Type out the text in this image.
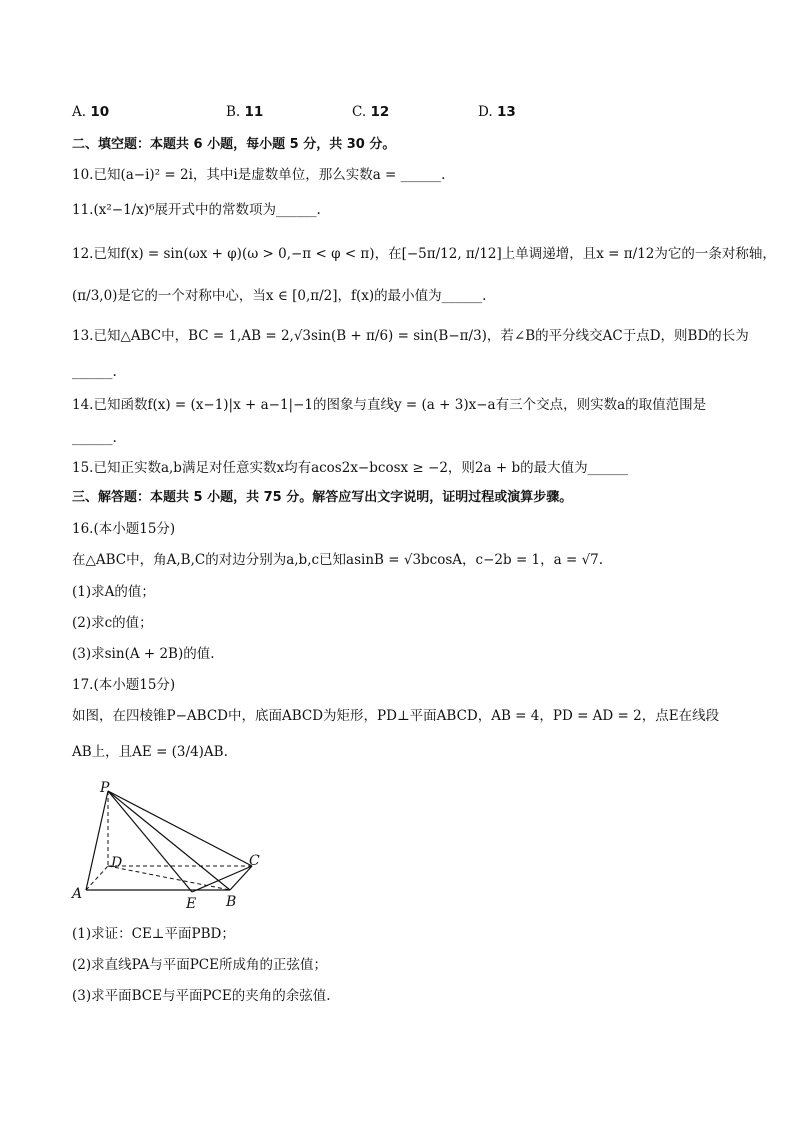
A. 10	B. 11	C. 12	D. 13
二、填空题：本题共 6 小题，每小题 5 分，共 30 分。
10.已知(a−i)² = 2i，其中i是虚数单位，那么实数a = ______.
11.(x²−1/x)⁶展开式中的常数项为______.
12.已知f(x) = sin(ωx + φ)(ω > 0,−π < φ < π)，在[−5π/12, π/12]上单调递增，且x = π/12为它的一条对称轴，
(π/3,0)是它的一个对称中心，当x ∈ [0,π/2]，f(x)的最小值为______.
13.已知△ABC中，BC = 1,AB = 2,√3sin(B + π/6) = sin(B−π/3)，若∠B的平分线交AC于点D，则BD的长为
______.
14.已知函数f(x) = (x−1)|x + a−1|−1的图象与直线y = (a + 3)x−a有三个交点，则实数a的取值范围是
______.
15.已知正实数a,b满足对任意实数x均有acos2x−bcosx ≥ −2，则2a + b的最大值为______
三、解答题：本题共 5 小题，共 75 分。解答应写出文字说明，证明过程或演算步骤。
16.(本小题15分)
在△ABC中，角A,B,C的对边分别为a,b,c已知asinB = √3bcosA，c−2b = 1，a = √7.
(1)求A的值；
(2)求c的值；
(3)求sin(A + 2B)的值.
17.(本小题15分)
如图，在四棱锥P−ABCD中，底面ABCD为矩形，PD⊥平面ABCD，AB = 4，PD = AD = 2，点E在线段
AB上，且AE = (3/4)AB.
P
A	B
C
D
E
(1)求证：CE⊥平面PBD；
(2)求直线PA与平面PCE所成角的正弦值；
(3)求平面BCE与平面PCE的夹角的余弦值.
